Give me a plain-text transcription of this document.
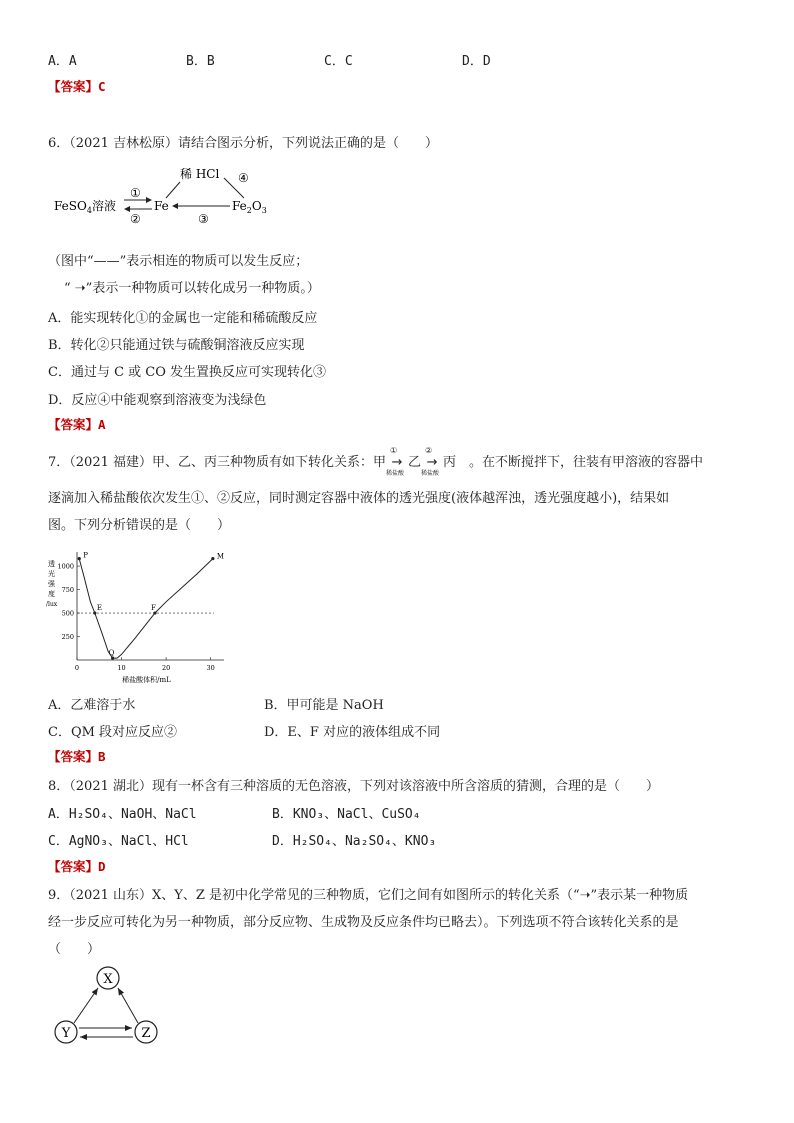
A．A	B．B	C．C	D．D
【答案】C
6．（2021 吉林松原）请结合图示分析，下列说法正确的是（　　）
FeSO$_4$溶液
①
②
Fe
稀 HCl ④
③
$Fe_2O_3$
（图中“——”表示相连的物质可以发生反应；
“ ➝”表示一种物质可以转化成另一种物质。）
A．能实现转化①的金属也一定能和稀硫酸反应
B．转化②只能通过铁与硫酸铜溶液反应实现
C．通过与 C 或 CO 发生置换反应可实现转化③
D．反应④中能观察到溶液变为浅绿色
【答案】A
7．（2021 福建）甲、乙、丙三种物质有如下转化关系：甲
①
→
稀盐酸
乙
②
→
稀盐酸
丙　 。在不断搅拌下，往装有甲溶液的容器中
逐滴加入稀盐酸依次发生①、②反应，同时测定容器中液体的透光强度(液体越浑浊，透光强度越小)，结果如
图。下列分析错误的是（　　）
透光强度/lux
250
500
750
1000
0	10	20	30
P
E
Q
F
M
稀盐酸体积/mL
A．乙难溶于水	B．甲可能是 NaOH
C．QM 段对应反应②	D．E、F 对应的液体组成不同
【答案】B
8．（2021 湖北）现有一杯含有三种溶质的无色溶液，下列对该溶液中所含溶质的猜测，合理的是（　　）
A．H₂SO₄、NaOH、NaCl	B．KNO₃、NaCl、CuSO₄
C．AgNO₃、NaCl、HCl	D．H₂SO₄、Na₂SO₄、KNO₃
【答案】D
9．（2021 山东）X、Y、Z 是初中化学常见的三种物质，它们之间有如图所示的转化关系（“➝”表示某一种物质
经一步反应可转化为另一种物质，部分反应物、生成物及反应条件均已略去）。下列选项不符合该转化关系的是
（　　）
X
Y	Z
